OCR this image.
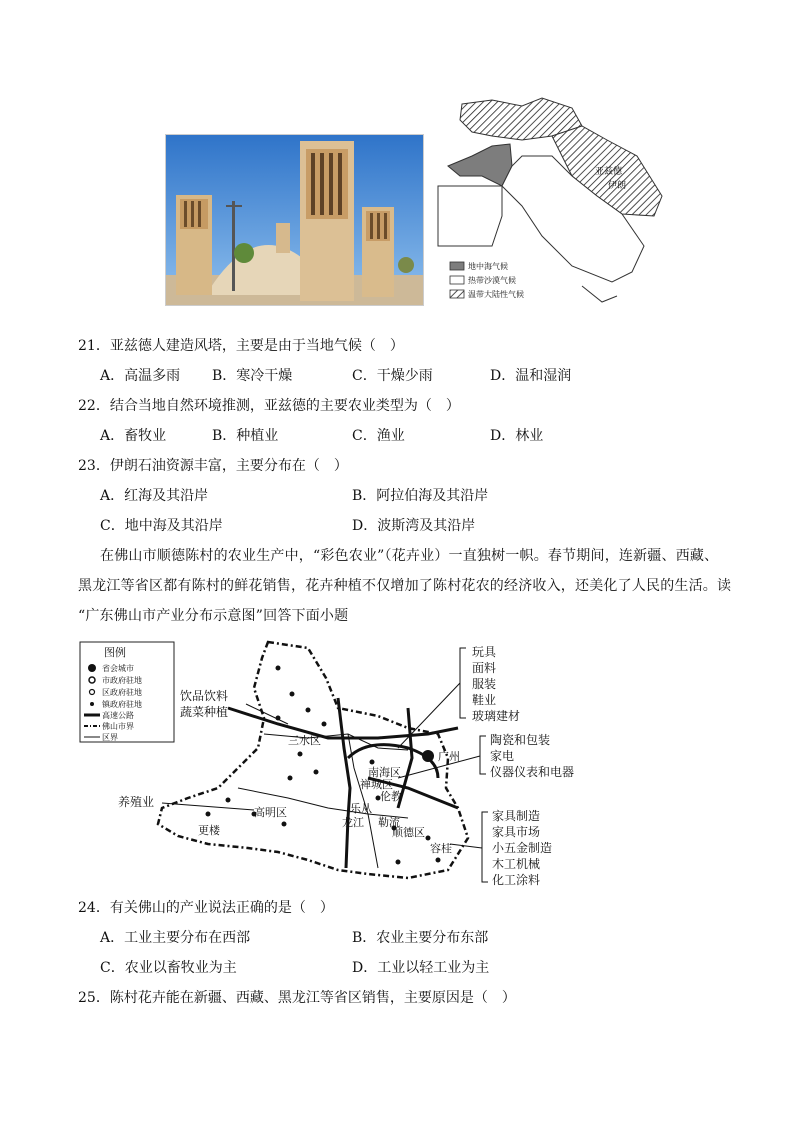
亚兹德
伊朗
地中海气候
热带沙漠气候
温带大陆性气候
21．亚兹德人建造风塔，主要是由于当地气候（　）
A．高温多雨 B．寒冷干燥	C．干燥少雨	D．温和湿润
22．结合当地自然环境推测，亚兹德的主要农业类型为（　）
A．畜牧业	B．种植业	C．渔业	D．林业
23．伊朗石油资源丰富，主要分布在（　）
A．红海及其沿岸	B．阿拉伯海及其沿岸
C．地中海及其沿岸	D．波斯湾及其沿岸
在佛山市顺德陈村的农业生产中，“彩色农业”（花卉业）一直独树一帜。春节期间，连新疆、西藏、
黑龙江等省区都有陈村的鲜花销售，花卉种植不仅增加了陈村花农的经济收入，还美化了人民的生活。读
“广东佛山市产业分布示意图”回答下面小题
图例
省会城市
市政府驻地
区政府驻地
镇政府驻地
高速公路
佛山市界
区界	三水区
南海区
禅城区
高明区
顺德区
乐从
龙江 勒流
伦教
容桂
更楼
广州
饮品饮料
蔬菜种植
养殖业
玩具
面料
服装
鞋业
玻璃建材
陶瓷和包装
家电
仪器仪表和电器
家具制造
家具市场
小五金制造
木工机械
化工涂料
24．有关佛山的产业说法正确的是（　）
A．工业主要分布在西部	B．农业主要分布东部
C．农业以畜牧业为主	D．工业以轻工业为主
25．陈村花卉能在新疆、西藏、黑龙江等省区销售，主要原因是（　）
